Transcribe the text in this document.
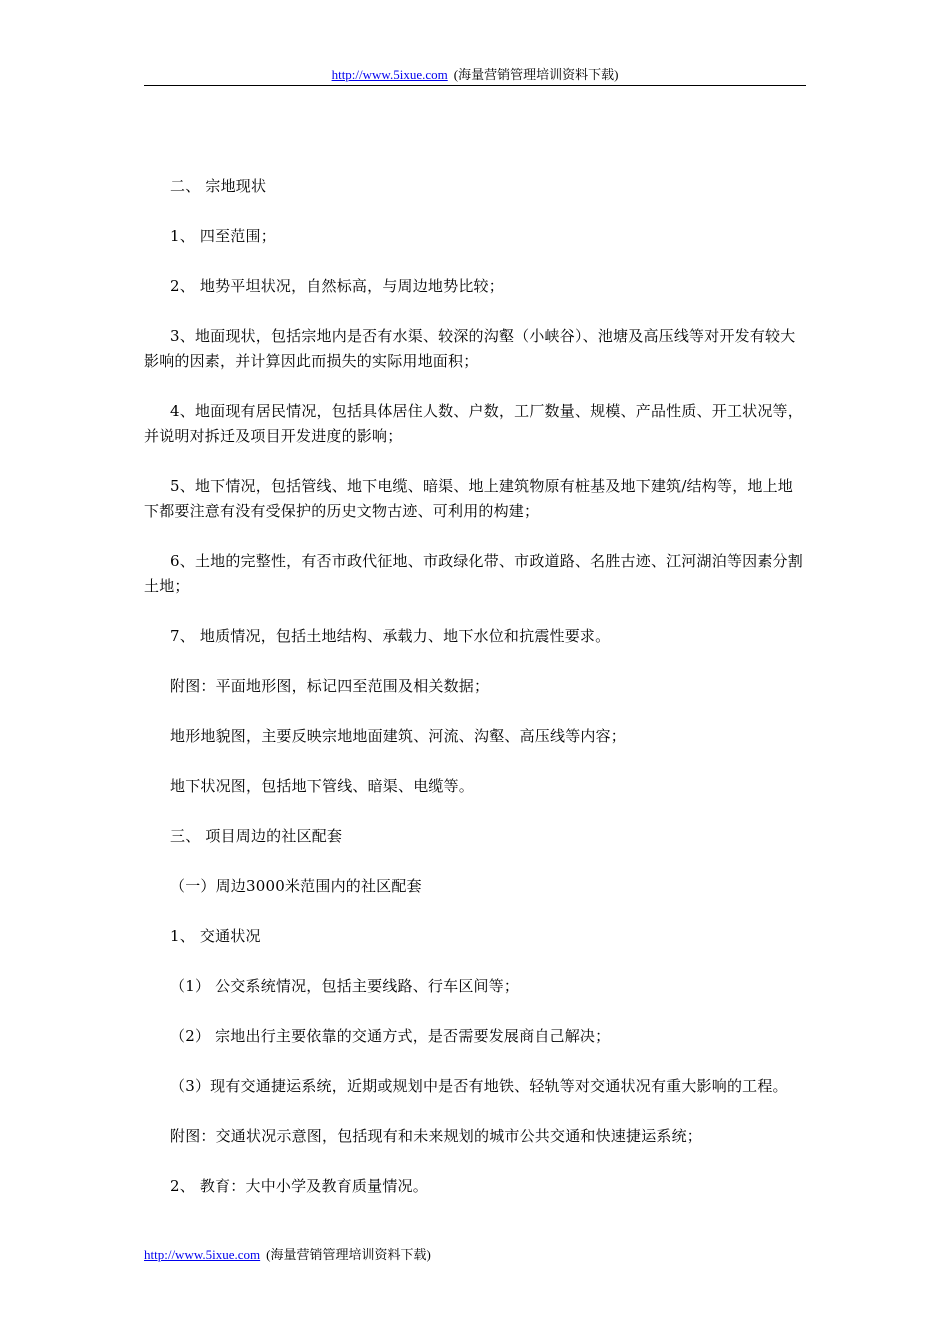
http://www.5ixue.com (海量营销管理培训资料下载)

二、 宗地现状

1、 四至范围；

2、 地势平坦状况，自然标高，与周边地势比较；

3、地面现状，包括宗地内是否有水渠、较深的沟壑（小峡谷）、池塘及高压线等对开发有较大影响的因素，并计算因此而损失的实际用地面积；

4、地面现有居民情况，包括具体居住人数、户数，工厂数量、规模、产品性质、开工状况等，并说明对拆迁及项目开发进度的影响；

5、地下情况，包括管线、地下电缆、暗渠、地上建筑物原有桩基及地下建筑/结构等，地上地下都要注意有没有受保护的历史文物古迹、可利用的构建；

6、土地的完整性，有否市政代征地、市政绿化带、市政道路、名胜古迹、江河湖泊等因素分割土地；

7、 地质情况，包括土地结构、承载力、地下水位和抗震性要求。

附图：平面地形图，标记四至范围及相关数据；

地形地貌图，主要反映宗地地面建筑、河流、沟壑、高压线等内容；

地下状况图，包括地下管线、暗渠、电缆等。

三、 项目周边的社区配套

（一）周边3000米范围内的社区配套

1、 交通状况

（1） 公交系统情况，包括主要线路、行车区间等；

（2） 宗地出行主要依靠的交通方式，是否需要发展商自己解决；

（3）现有交通捷运系统，近期或规划中是否有地铁、轻轨等对交通状况有重大影响的工程。

附图：交通状况示意图，包括现有和未来规划的城市公共交通和快速捷运系统；

2、 教育：大中小学及教育质量情况。

http://www.5ixue.com (海量营销管理培训资料下载)
